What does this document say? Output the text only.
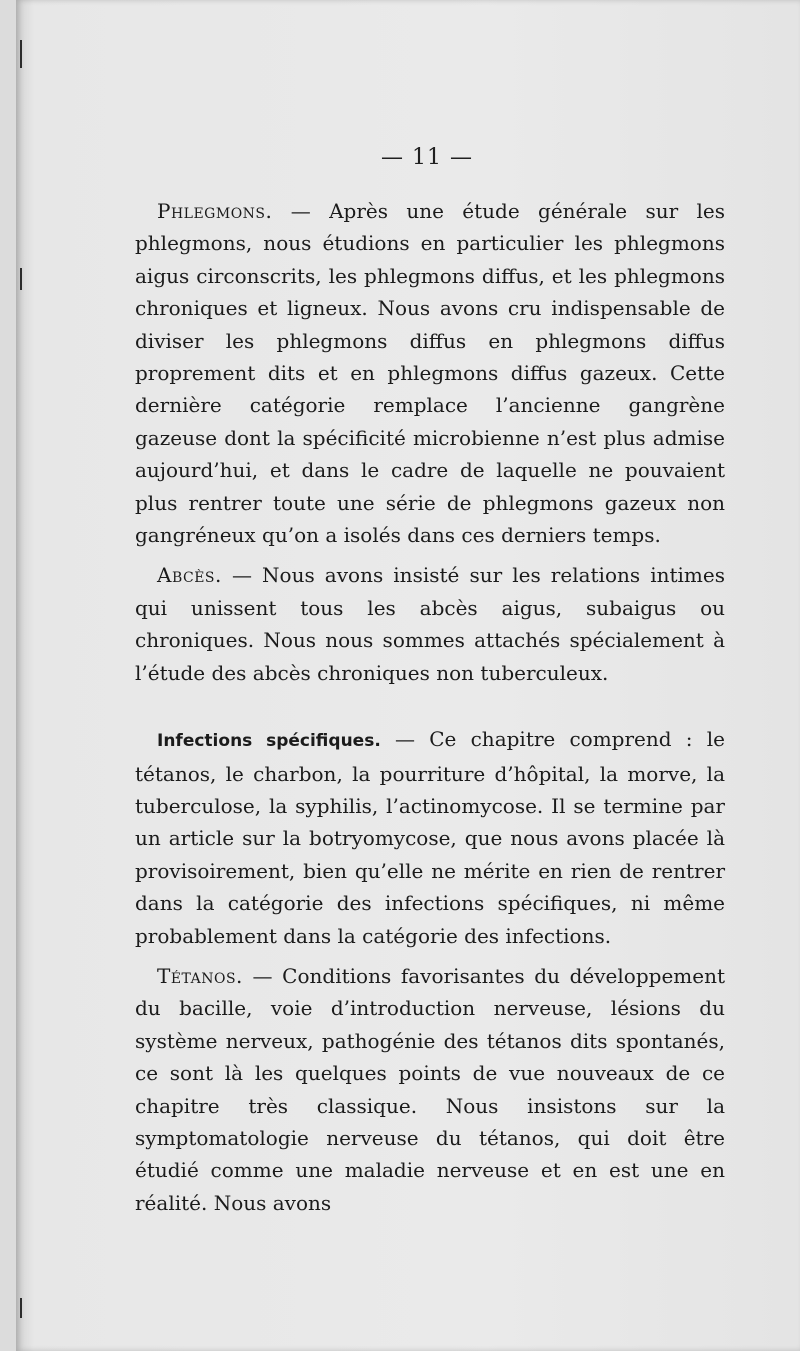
— 11 —

Phlegmons. — Après une étude générale sur les phlegmons, nous étudions en particulier les phlegmons aigus circonscrits, les phlegmons diffus, et les phlegmons chroniques et ligneux. Nous avons cru indispensable de diviser les phlegmons diffus en phlegmons diffus proprement dits et en phlegmons diffus gazeux. Cette dernière catégorie remplace l’ancienne gangrène gazeuse dont la spécificité microbienne n’est plus admise aujourd’hui, et dans le cadre de laquelle ne pouvaient plus rentrer toute une série de phlegmons gazeux non gangréneux qu’on a isolés dans ces derniers temps.

Abcès. — Nous avons insisté sur les relations intimes qui unissent tous les abcès aigus, subaigus ou chroniques. Nous nous sommes attachés spécialement à l’étude des abcès chroniques non tuberculeux.

Infections spécifiques. — Ce chapitre comprend : le tétanos, le charbon, la pourriture d’hôpital, la morve, la tuberculose, la syphilis, l’actinomycose. Il se termine par un article sur la botryomycose, que nous avons placée là provisoirement, bien qu’elle ne mérite en rien de rentrer dans la catégorie des infections spécifiques, ni même probablement dans la catégorie des infections.

Tétanos. — Conditions favorisantes du développement du bacille, voie d’introduction nerveuse, lésions du système nerveux, pathogénie des tétanos dits spontanés, ce sont là les quelques points de vue nouveaux de ce chapitre très classique. Nous insistons sur la symptomatologie nerveuse du tétanos, qui doit être étudié comme une maladie nerveuse et en est une en réalité. Nous avons
